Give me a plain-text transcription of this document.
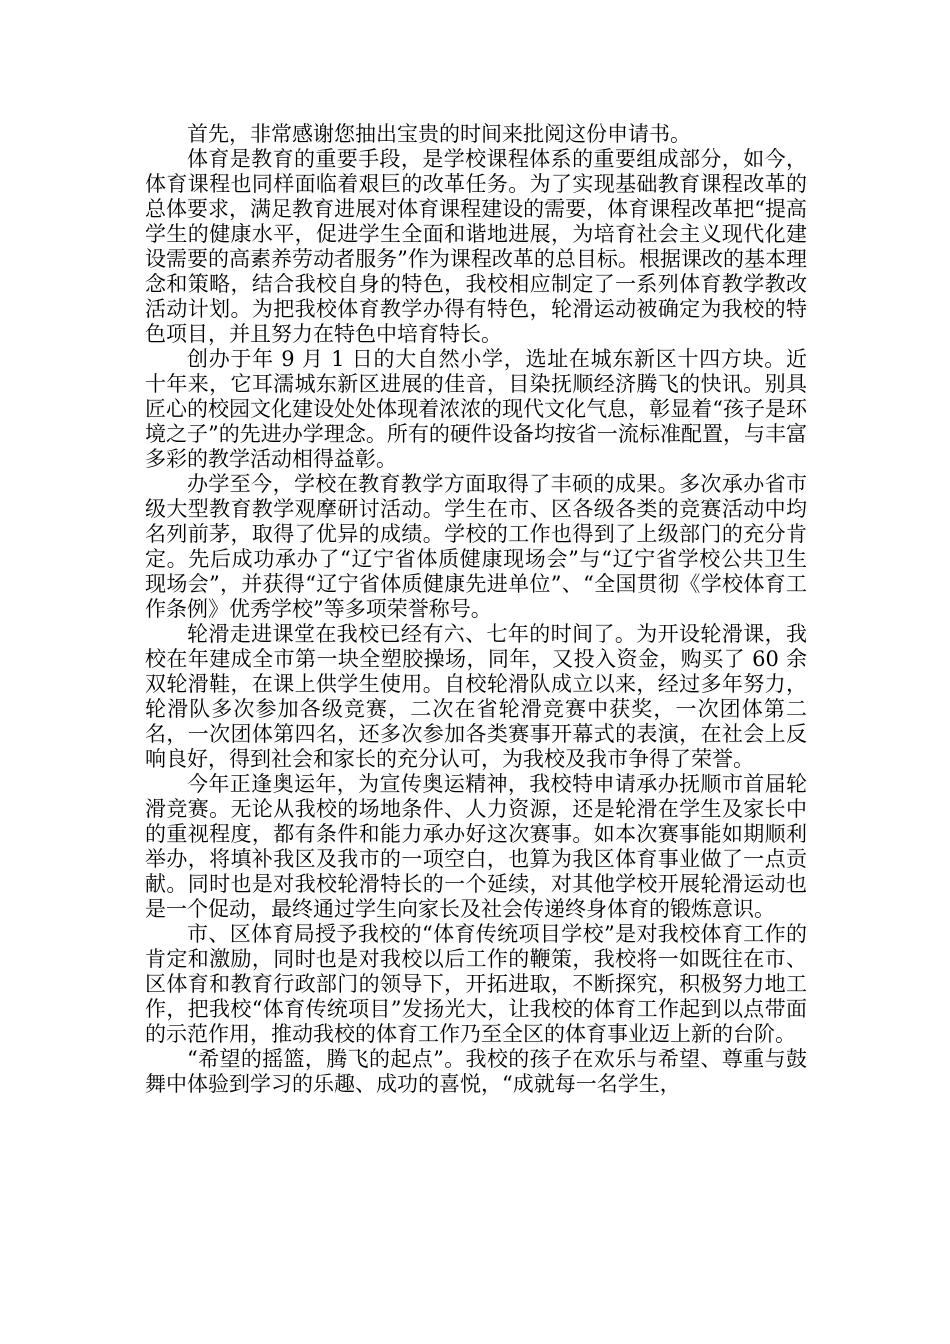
首先，非常感谢您抽出宝贵的时间来批阅这份申请书。

体育是教育的重要手段，是学校课程体系的重要组成部分，如今，体育课程也同样面临着艰巨的改革任务。为了实现基础教育课程改革的总体要求，满足教育进展对体育课程建设的需要，体育课程改革把“提高学生的健康水平，促进学生全面和谐地进展，为培育社会主义现代化建设需要的高素养劳动者服务”作为课程改革的总目标。根据课改的基本理念和策略，结合我校自身的特色，我校相应制定了一系列体育教学教改活动计划。为把我校体育教学办得有特色，轮滑运动被确定为我校的特色项目，并且努力在特色中培育特长。

创办于年 9 月 1 日的大自然小学，选址在城东新区十四方块。近十年来，它耳濡城东新区进展的佳音，目染抚顺经济腾飞的快讯。别具匠心的校园文化建设处处体现着浓浓的现代文化气息，彰显着“孩子是环境之子”的先进办学理念。所有的硬件设备均按省一流标准配置，与丰富多彩的教学活动相得益彰。

办学至今，学校在教育教学方面取得了丰硕的成果。多次承办省市级大型教育教学观摩研讨活动。学生在市、区各级各类的竞赛活动中均名列前茅，取得了优异的成绩。学校的工作也得到了上级部门的充分肯定。先后成功承办了“辽宁省体质健康现场会”与“辽宁省学校公共卫生现场会”，并获得“辽宁省体质健康先进单位”、“全国贯彻《学校体育工作条例》优秀学校”等多项荣誉称号。

轮滑走进课堂在我校已经有六、七年的时间了。为开设轮滑课，我校在年建成全市第一块全塑胶操场，同年，又投入资金，购买了 60 余双轮滑鞋，在课上供学生使用。自校轮滑队成立以来，经过多年努力，轮滑队多次参加各级竞赛，二次在省轮滑竞赛中获奖，一次团体第二名，一次团体第四名，还多次参加各类赛事开幕式的表演，在社会上反响良好，得到社会和家长的充分认可，为我校及我市争得了荣誉。

今年正逢奥运年，为宣传奥运精神，我校特申请承办抚顺市首届轮滑竞赛。无论从我校的场地条件、人力资源，还是轮滑在学生及家长中的重视程度，都有条件和能力承办好这次赛事。如本次赛事能如期顺利举办，将填补我区及我市的一项空白，也算为我区体育事业做了一点贡献。同时也是对我校轮滑特长的一个延续，对其他学校开展轮滑运动也是一个促动，最终通过学生向家长及社会传递终身体育的锻炼意识。

市、区体育局授予我校的“体育传统项目学校”是对我校体育工作的肯定和激励，同时也是对我校以后工作的鞭策，我校将一如既往在市、区体育和教育行政部门的领导下，开拓进取，不断探究，积极努力地工作，把我校“体育传统项目”发扬光大，让我校的体育工作起到以点带面的示范作用，推动我校的体育工作乃至全区的体育事业迈上新的台阶。

“希望的摇篮，腾飞的起点”。我校的孩子在欢乐与希望、尊重与鼓舞中体验到学习的乐趣、成功的喜悦，“成就每一名学生，
